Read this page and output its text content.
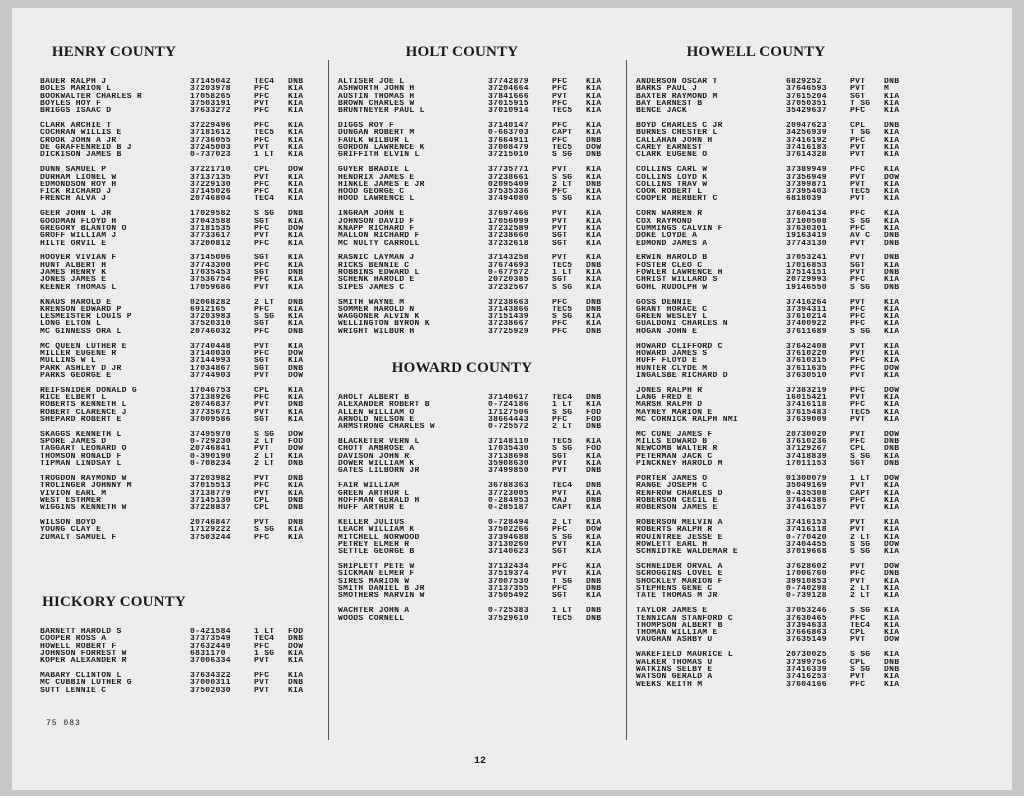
75 083
12
HENRY COUNTY
BAUER RALPH J	37145042	TEC4	DNB
BOLES MARION L	37203978	PFC	KIA
BOOKWALTER CHARLES R	17058265	PFC	KIA
BOYLES HOY F	37503191	PVT	KIA
BRIGGS ISAAC D	37633272	PFC	KIA
CLARK ARCHIE T	37229496	PFC	KIA
COCHRAN WILLIS E	37181612	TEC5	KIA
CROOK JOHN A JR	37736055	PFC	KIA
DE GRAFFENREID B J	37245003	PVT	KIA
DICKISON JAMES B	0-737023	1 LT	KIA
DUNN SAMUEL P	37221710	CPL	DOW
DURHAM LIONEL W	37137135	PVT	KIA
EDMONDSON ROY H	37229130	PFC	KIA
FICK RICHARD J	37145026	PFC	KIA
FRENCH ALVA J	20746804	TEC4	KIA
GEER JOHN L JR	17029582	S SG	DNB
GOODMAN FLOYD H	37043588	SGT	KIA
GREGORY BLANTON O	37181535	PFC	DOW
GROFF WILLIAM J	37733617	PVT	KIA
HILTE ORVIL E	37200812	PFC	KIA
HOOVER VIVIAN F	37145006	SGT	KIA
HUNT ALBERT H	37743300	PFC	KIA
JAMES HENRY K	17035453	SGT	DNB
JONES JAMES E	37536754	PFC	KIA
KEENER THOMAS L	17059686	PVT	KIA
KNAUS HAROLD E	02068282	2 LT	DNB
KRENSON EDWARD P	6912165	PFC	KIA
LESMEISTER LOUIS P	37203983	S SG	KIA
LONG ELTON L	37520310	SGT	KIA
MC GINNESS ORA L	20746032	PFC	DNB
MC QUEEN LUTHER E	37740448	PVT	KIA
MILLER EUGENE R	37140030	PFC	DOW
MULLINS W L	37144993	SGT	KIA
PARK ASHLEY D JR	17034867	SGT	DNB
PARKS GEORGE E	37744903	PVT	DOW
REIFSNIDER DONALD G	17046753	CPL	KIA
RICE ELBERT L	37138926	PFC	KIA
ROBERTS KENNETH L	20746837	PVT	DNB
ROBERT CLARENCE J	37735671	PVT	KIA
SHEPARD ROBERT E	37009586	SGT	KIA
SKAGGS KENNETH L	37495970	S SG	DOW
SPORE JAMES D	0-729230	2 LT	FOD
TAGGART LEONARD O	20746841	PVT	DOW
THOMSON RONALD F	0-390190	2 LT	KIA
TIPMAN LINDSAY L	0-708234	2 LT	DNB
TROGDON RAYMOND W	37203982	PVT	DNB
TROLINGER JOHNNY M	37015513	PFC	KIA
VIVION EARL M	37138779	PVT	KIA
WEST ESTHMER	37145130	CPL	DNB
WIGGINS KENNETH W	37228837	CPL	DNB
WILSON BOYD	20746847	PVT	DNB
YOUNG CLAY E	17129222	S SG	KIA
ZUMALT SAMUEL F	37503244	PFC	KIA
HICKORY COUNTY
BARNETT HAROLD S	0-421584	1 LT	FOD
COOPER ROSS A	37373549	TEC4	DNB
HOWELL ROBERT F	37632449	PFC	DOW
JOHNSON FORREST W	6831170	1 SG	KIA
KOPER ALEXANDER R	37006334	PVT	KIA
MABARY CLINTON L	37634322	PFC	KIA
MC CUBBIN LUTHER G	37000311	PVT	DNB
SUTT LENNIE C	37502030	PVT	KIA
HOLT COUNTY
ALTISER JOE L	37742879	PFC	KIA
ASHWORTH JOHN H	37204664	PFC	KIA
AUSTIN THOMAS H	37841666	PVT	KIA
BROWN CHARLES W	37015915	PFC	KIA
BRUNTNEYER PAUL L	37010914	TEC5	KIA
DIGGS ROY F	37140147	PFC	KIA
DUNGAN ROBERT M	0-663703	CAPT	KIA
FAULK WILBUR L	37664911	PFC	DNB
GORDON LAWRENCE K	37008479	TEC5	DOW
GRIFFITH ELVIN L	37215010	S SG	DNB
GUYER BRADIE L	37735771	PVT	KIA
HENDRIX JAMES E	37238661	S SG	KIA
HINKLE JAMES E JR	02095409	2 LT	DNB
HOOD GEORGE C	37535336	PFC	KIA
HOOD LAWRENCE L	37494080	S SG	KIA
INGRAM JOHN E	37697466	PVT	KIA
JOHNSON DAVID F	17056099	PVT	KIA
KNAPP RICHARD F	37232589	PVT	KIA
MALLON RICHARD F	37238660	SGT	KIA
MC NULTY CARROLL	37232618	SGT	KIA
RASNIC LAYMAN J	37143258	PVT	KIA
RICKS BENNIE C	37674693	TEC5	DNB
ROBBINS EDWARD L	0-677572	1 LT	KIA
SCHENK HAROLD E	20720385	SGT	KIA
SIPES JAMES C	37232567	S SG	KIA
SMITH WAYNE M	37238663	PFC	DNB
SOMMER HAROLD N	37143866	TEC5	DNB
WAGGONER ALVIN K	37151439	S SG	KIA
WELLINGTON BYRON K	37238667	PFC	KIA
WRIGHT WILBUR H	37725929	PFC	DNB
HOWARD COUNTY
AHOLT ALBERT B	37140617	TEC4	DNB
ALEXANDER ROBERT B	0-724186	1 LT	KIA
ALLEN WILLIAM O	17127506	S SG	FOD
ARNOLD NELSON E	38664443	PFC	FOD
ARMSTRONG CHARLES W	0-725572	2 LT	DNB
BLACKETER VERN L	37148110	TEC5	KIA
CHOTT AMBROSE A	17035430	S SG	FOD
DAVISON JOHN R	37138698	SGT	KIA
DOWER WILLIAM K	35908630	PVT	KIA
GATES LILBORN JR	37499850	PVT	DNB
FAIR WILLIAM	36788363	TEC4	DNB
GREEN ARTHUR L	37723005	PVT	KIA
HOFFMAN GERALD H	0-284953	MAJ	DNB
HUFF ARTHUR E	0-285187	CAPT	KIA
KELLER JULIUS	0-728494	2 LT	KIA
LEACH WILLIAM K	37502266	PFC	DOW
MITCHELL NORWOOD	37394688	S SG	KIA
PETREY ELMER R	37130260	PVT	KIA
SETTLE GEORGE B	37140623	SGT	KIA
SHIPLETT PETE W	37132434	PFC	KIA
SICKMAN ELMER F	37519374	PVT	KIA
SIRES MARION W	37007530	T SG	DNB
SMITH DANIEL B JR	37137355	PFC	DNB
SMOTHERS MARVIN W	37505492	SGT	KIA
WACHTER JOHN A	0-725383	1 LT	DNB
WOODS CORNELL	37529610	TEC5	DNB
HOWELL COUNTY
ANDERSON OSCAR T	6829252	PVT	DNB
BARKS PAUL J	37646593	PVT	M
BAXTER RAYMOND M	37615204	SGT	KIA
BAY EARNEST B	37050351	T SG	KIA
BENCE JACK	35429637	PFC	KIA
BOYD CHARLES C JR	20947623	CPL	DNB
BURNES CHESTER L	34256939	T SG	KIA
CALLAHAN JOHN H	37416192	PFC	KIA
CAREY EARNEST	37416183	PVT	KIA
CLARK EUGENE O	37614328	PVT	KIA
COLLINS CARL W	37389949	PFC	KIA
COLLINS LOYD K	37356949	PVT	DOW
COLLINS TRAV W	37399871	PVT	KIA
COOK ROBERT L	37395403	TEC5	KIA
COOPER HERBERT C	6818039	PVT	KIA
CORN WARREN R	37604134	PFC	KIA
COX RAYMOND	37100508	S SG	KIA
CUMMINGS CALVIN F	37630301	PFC	KIA
DOKE LOYDE A	19163419	AV C	DNB
EDMOND JAMES A	37743130	PVT	DNB
ERWIN HAROLD B	37053241	PVT	DNB
FOSTER CLEO C	17016853	SGT	KIA
FOWLER LAWRENCE H	37514151	PVT	DNB
CHRIST WILLARD S	20729993	PFC	KIA
GOHL RUDOLPH W	19146550	S SG	DNB
GOSS DENNIE	37416264	PVT	KIA
GRANT HORACE C	37394311	PFC	KIA
GREEN WESLEY L	37610214	PFC	KIA
GUALDONI CHARLES N	37400922	PFC	KIA
HOGAN JOHN E	37611689	S SG	KIA
HOWARD CLIFFORD C	37642408	PVT	KIA
HOWARD JAMES S	37610220	PVT	KIA
HUFF FLOYD E	37610315	PFC	KIA
HUNTER CLYDE M	37611635	PFC	DOW
INGALSBE RICHARD D	37630510	PVT	KIA
JONES RALPH R	37383219	PFC	DOW
LANG FRED E	16015421	PVT	KIA
MARSH RALPH D	37416118	PFC	KIA
MAYNEY MARION E	37615483	TEC5	KIA
MC CORNICK RALPH NMI	37639009	PVT	KIA
MC CUNE JAMES F	20730020	PVT	DOW
MILLS EDWARD B	37610236	PFC	DNB
NEWCOMB WALTER R	37129267	CPL	DNB
PETERMAN JACK C	37418839	S SG	KIA
PINCKNEY HAROLD M	17011153	SGT	DNB
PORTER JAMES O	01300079	1 LT	DOW
RANGE JOSEPH C	35049169	PVT	KIA
RENFROW CHARLES D	0-435308	CAPT	KIA
ROBERSON CECIL E	37644386	PFC	KIA
ROBERSON JAMES E	37416157	PVT	KIA
ROBERSON MELVIN A	37416153	PVT	KIA
ROBERTS RALPH R	37416118	PVT	KIA
ROUINTREE JESSE E	0-770420	2 LT	KIA
ROWLETT EARL H	37404455	S SG	DOW
SCHNIDTKE WALDEMAR E	37019668	S SG	KIA
SCHNEIDER ORVAL A	37628602	PVT	DOW
SCROGGINS LOVEL E	17006760	PFC	DNB
SHOCKLEY MARION F	39910853	PVT	KIA
STEPHENS GENE C	0-740298	2 LT	KIA
TATE THOMAS M JR	0-739128	2 LT	KIA
TAYLOR JAMES E	37053246	S SG	KIA
TENNICAN STANFORD C	37630465	PFC	KIA
THOMPSON ALBERT B	37394633	TEC4	KIA
THOMAN WILLIAM E	37666863	CPL	KIA
VAUGHAN ASHBY U	37635149	PVT	DOW
WAKEFIELD MAURICE L	20730025	S SG	KIA
WALKER THOMAS U	37399756	CPL	DNB
WATKINS SELBY E	37416339	S SG	DNB
WATSON GERALD A	37416253	PVT	KIA
WEEKS KEITH M	37604166	PFC	KIA
